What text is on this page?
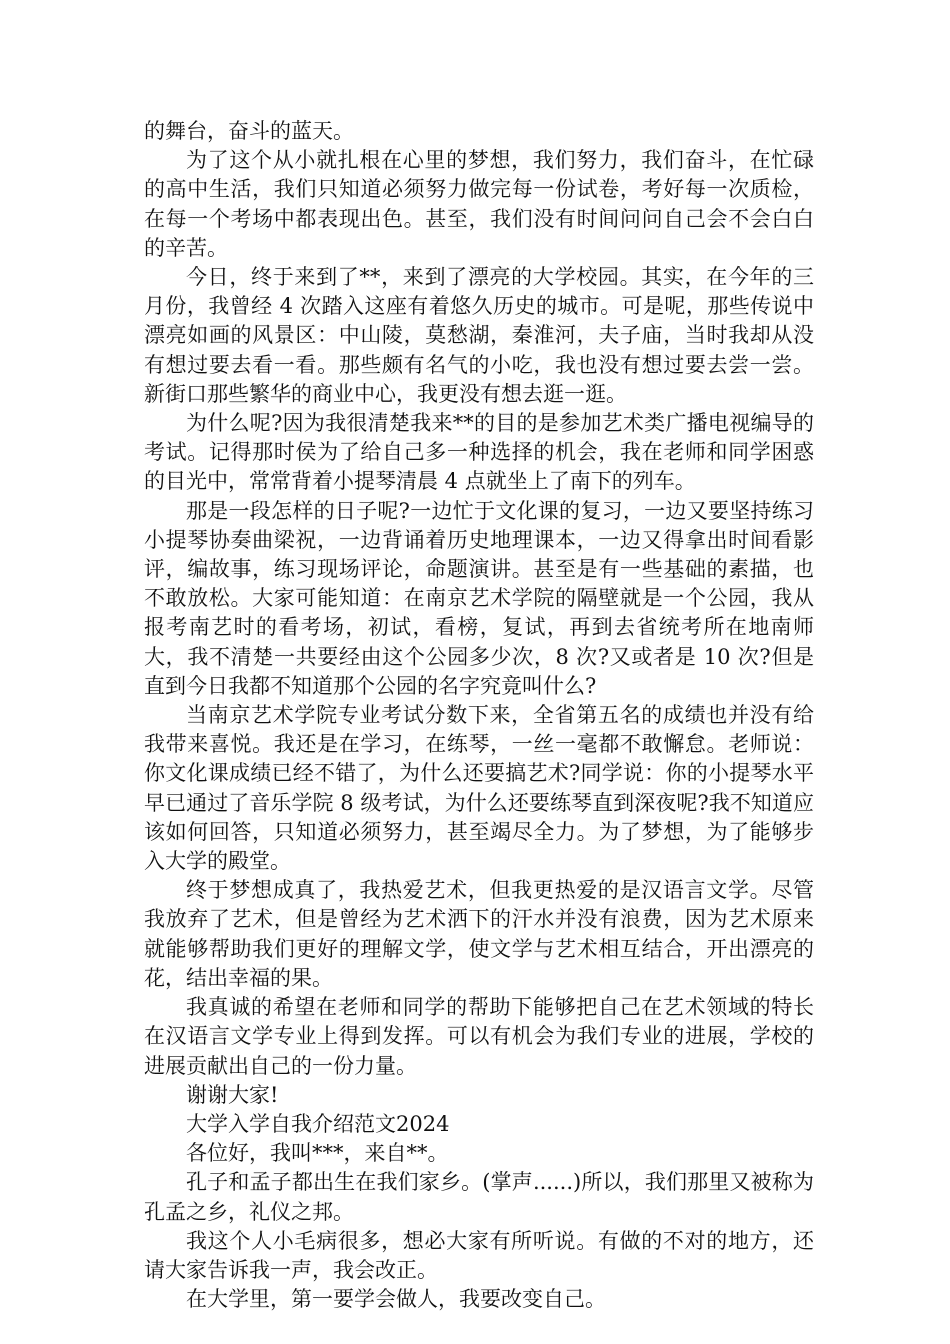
的舞台，奋斗的蓝天。

为了这个从小就扎根在心里的梦想，我们努力，我们奋斗，在忙碌的高中生活，我们只知道必须努力做完每一份试卷，考好每一次质检，在每一个考场中都表现出色。甚至，我们没有时间问问自己会不会白白的辛苦。

今日，终于来到了**，来到了漂亮的大学校园。其实，在今年的三月份，我曾经 4 次踏入这座有着悠久历史的城市。可是呢，那些传说中漂亮如画的风景区：中山陵，莫愁湖，秦淮河，夫子庙，当时我却从没有想过要去看一看。那些颇有名气的小吃，我也没有想过要去尝一尝。新街口那些繁华的商业中心，我更没有想去逛一逛。

为什么呢?因为我很清楚我来**的目的是参加艺术类广播电视编导的考试。记得那时侯为了给自己多一种选择的机会，我在老师和同学困惑的目光中，常常背着小提琴清晨 4 点就坐上了南下的列车。

那是一段怎样的日子呢?一边忙于文化课的复习，一边又要坚持练习小提琴协奏曲梁祝，一边背诵着历史地理课本，一边又得拿出时间看影评，编故事，练习现场评论，命题演讲。甚至是有一些基础的素描，也不敢放松。大家可能知道：在南京艺术学院的隔壁就是一个公园，我从报考南艺时的看考场，初试，看榜，复试，再到去省统考所在地南师大，我不清楚一共要经由这个公园多少次，8 次?又或者是 10 次?但是直到今日我都不知道那个公园的名字究竟叫什么?

当南京艺术学院专业考试分数下来，全省第五名的成绩也并没有给我带来喜悦。我还是在学习，在练琴，一丝一毫都不敢懈怠。老师说：你文化课成绩已经不错了，为什么还要搞艺术?同学说：你的小提琴水平早已通过了音乐学院 8 级考试，为什么还要练琴直到深夜呢?我不知道应该如何回答，只知道必须努力，甚至竭尽全力。为了梦想，为了能够步入大学的殿堂。

终于梦想成真了，我热爱艺术，但我更热爱的是汉语言文学。尽管我放弃了艺术，但是曾经为艺术洒下的汗水并没有浪费，因为艺术原来就能够帮助我们更好的理解文学，使文学与艺术相互结合，开出漂亮的花，结出幸福的果。

我真诚的希望在老师和同学的帮助下能够把自己在艺术领域的特长在汉语言文学专业上得到发挥。可以有机会为我们专业的进展，学校的进展贡献出自己的一份力量。

谢谢大家!

大学入学自我介绍范文2024

各位好，我叫***，来自**。

孔子和孟子都出生在我们家乡。(掌声......)所以，我们那里又被称为孔孟之乡，礼仪之邦。

我这个人小毛病很多，想必大家有所听说。有做的不对的地方，还请大家告诉我一声，我会改正。

在大学里，第一要学会做人，我要改变自己。
